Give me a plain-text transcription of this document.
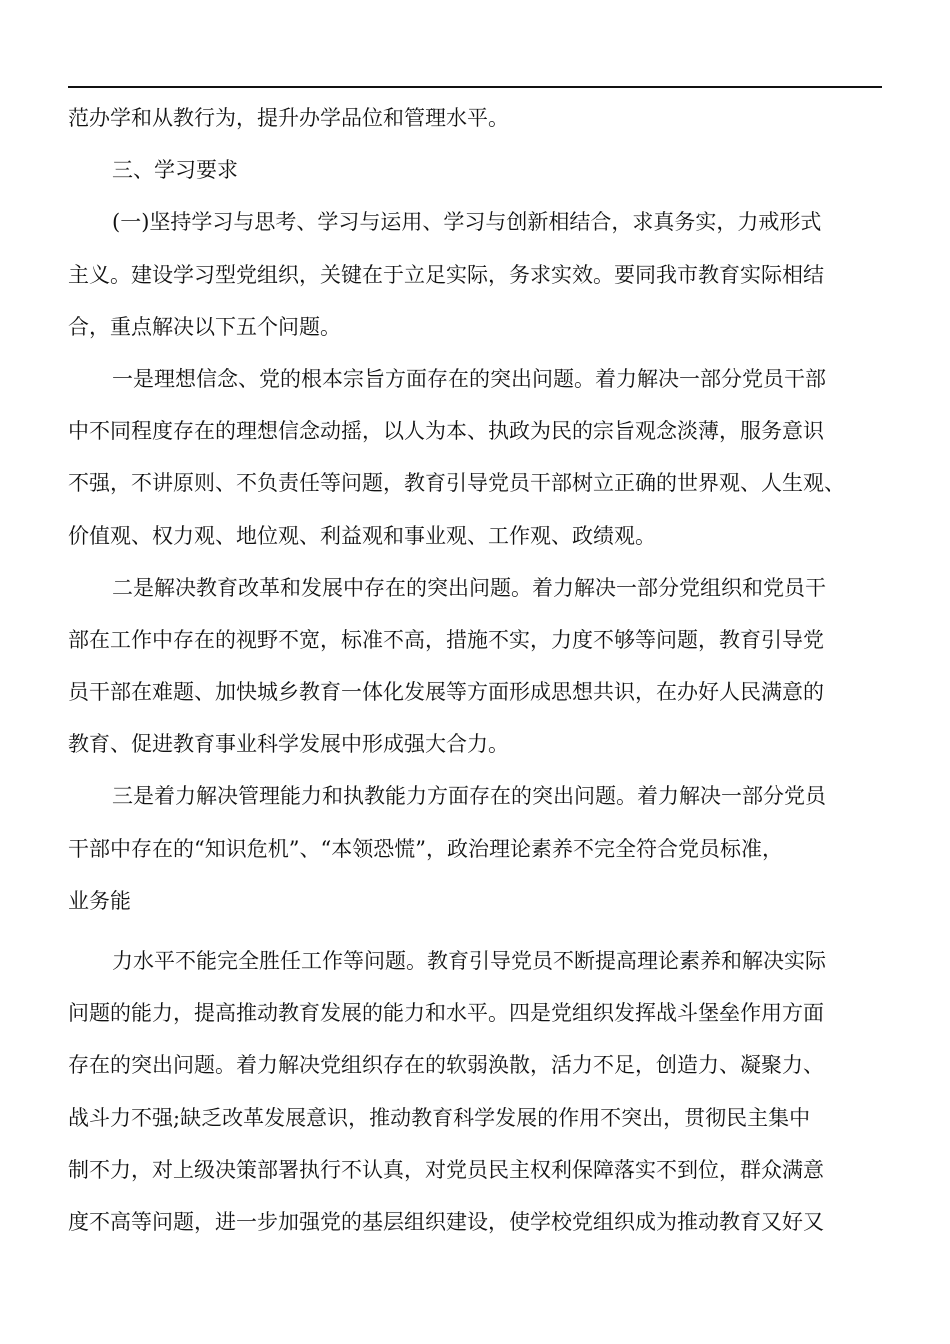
范办学和从教行为，提升办学品位和管理水平。
三、学习要求
(一)坚持学习与思考、学习与运用、学习与创新相结合，求真务实，力戒形式
主义。建设学习型党组织，关键在于立足实际，务求实效。要同我市教育实际相结
合，重点解决以下五个问题。
一是理想信念、党的根本宗旨方面存在的突出问题。着力解决一部分党员干部
中不同程度存在的理想信念动摇，以人为本、执政为民的宗旨观念淡薄，服务意识
不强，不讲原则、不负责任等问题，教育引导党员干部树立正确的世界观、人生观、
价值观、权力观、地位观、利益观和事业观、工作观、政绩观。
二是解决教育改革和发展中存在的突出问题。着力解决一部分党组织和党员干
部在工作中存在的视野不宽，标准不高，措施不实，力度不够等问题，教育引导党
员干部在难题、加快城乡教育一体化发展等方面形成思想共识，在办好人民满意的
教育、促进教育事业科学发展中形成强大合力。
三是着力解决管理能力和执教能力方面存在的突出问题。着力解决一部分党员
干部中存在的“知识危机”、“本领恐慌”，政治理论素养不完全符合党员标准，
业务能
力水平不能完全胜任工作等问题。教育引导党员不断提高理论素养和解决实际
问题的能力，提高推动教育发展的能力和水平。四是党组织发挥战斗堡垒作用方面
存在的突出问题。着力解决党组织存在的软弱涣散，活力不足，创造力、凝聚力、
战斗力不强;缺乏改革发展意识，推动教育科学发展的作用不突出，贯彻民主集中
制不力，对上级决策部署执行不认真，对党员民主权利保障落实不到位，群众满意
度不高等问题，进一步加强党的基层组织建设，使学校党组织成为推动教育又好又
